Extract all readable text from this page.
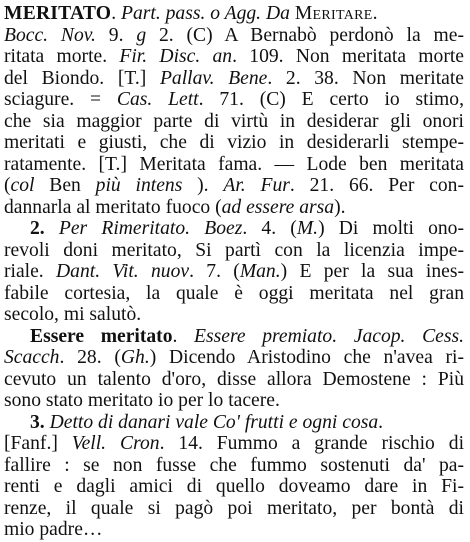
MERITATO. Part. pass. o Agg. Da Meritare.
Bocc. Nov. 9. g 2. (C) A Bernabò perdonò la me-
ritata morte. Fir. Disc. an. 109. Non meritata morte
del Biondo. [T.] Pallav. Bene. 2. 38. Non meritate
sciagure. = Cas. Lett. 71. (C) E certo io stimo,
che sia maggior parte di virtù in desiderar gli onori
meritati e giusti, che di vizio in desiderarli stempe-
ratamente. [T.] Meritata fama. — Lode ben meritata
(col Ben più intens ). Ar. Fur. 21. 66. Per con-
dannarla al meritato fuoco (ad essere arsa).
2. Per Rimeritato. Boez. 4. (M.) Di molti ono-
revoli doni meritato, Si partì con la licenzia impe-
riale. Dant. Vit. nuov. 7. (Man.) E per la sua ines-
fabile cortesia, la quale è oggi meritata nel gran
secolo, mi salutò.
Essere meritato. Essere premiato. Jacop. Cess.
Scacch. 28. (Gh.) Dicendo Aristodino che n'avea ri-
cevuto un talento d'oro, disse allora Demostene : Più
sono stato meritato io per lo tacere.
3. Detto di danari vale Co' frutti e ogni cosa.
[Fanf.] Vell. Cron. 14. Fummo a grande rischio di
fallire : se non fusse che fummo sostenuti da' pa-
renti e dagli amici di quello doveamo dare in Fi-
renze, il quale si pagò poi meritato, per bontà di
mio padre…
